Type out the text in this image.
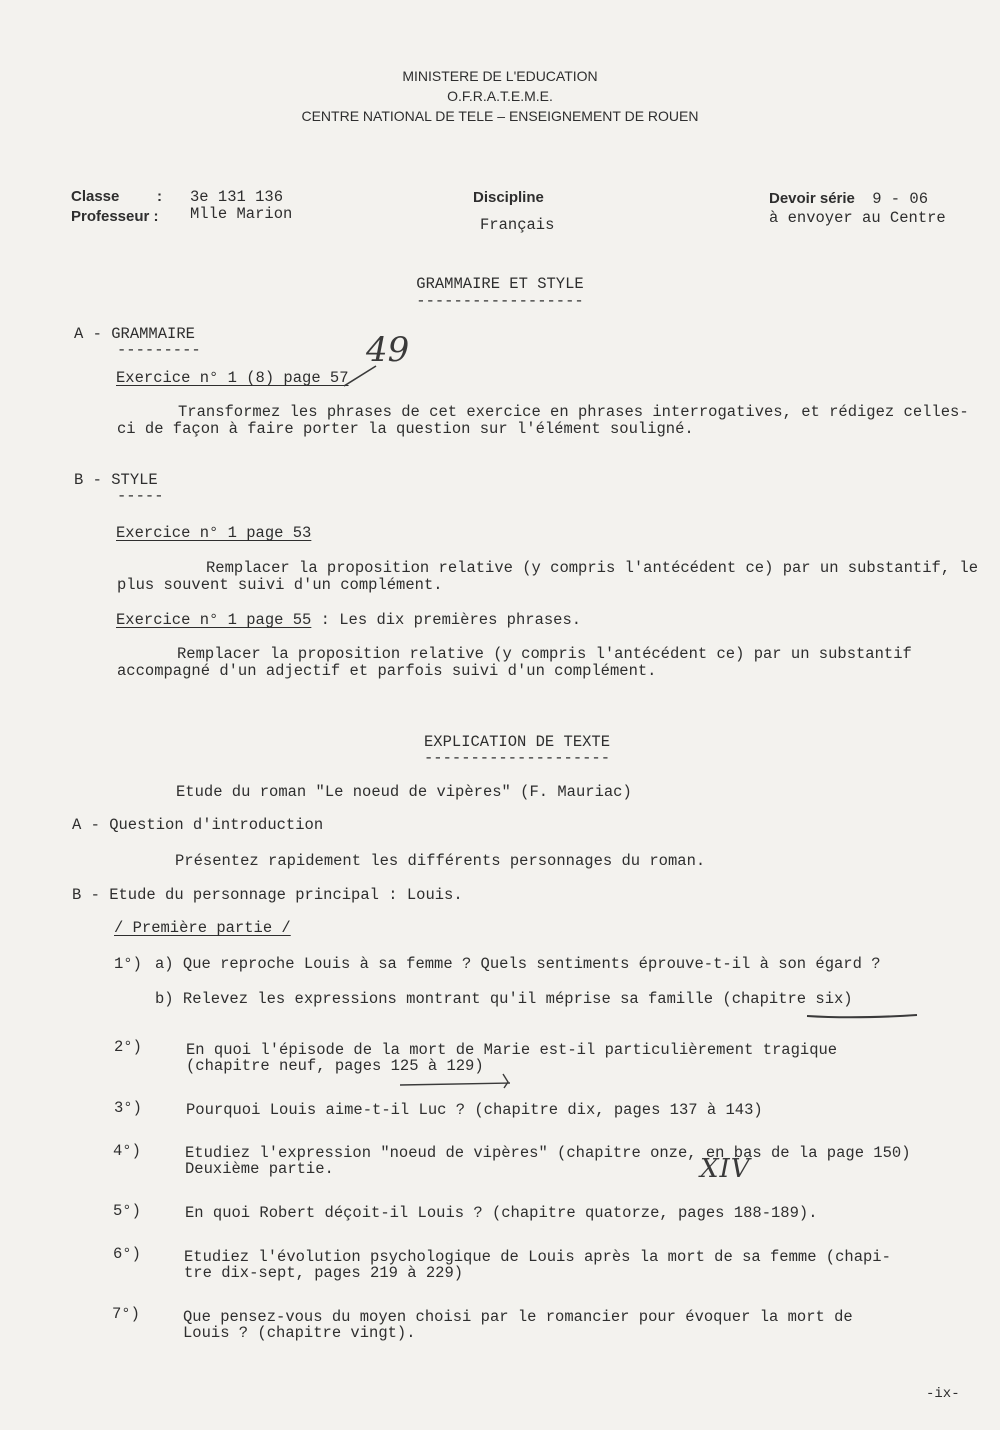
MINISTERE DE L'EDUCATION
O.F.R.A.T.E.M.E.
CENTRE NATIONAL DE TELE – ENSEIGNEMENT DE ROUEN
Classe	: 3e 131 136
Professeur : Mlle Marion
Discipline
Français
Devoir série 9 - 06
à envoyer au Centre
GRAMMAIRE ET STYLE
------------------
A - GRAMMAIRE
---------
Exercice n° 1 (8) page 57
49
Transformez les phrases de cet exercice en phrases interrogatives, et rédigez celles-ci de façon à faire porter la question sur l'élément souligné.
B - STYLE
-----
Exercice n° 1 page 53
Remplacer la proposition relative (y compris l'antécédent ce) par un substantif, le plus souvent suivi d'un complément.
Exercice n° 1 page 55 : Les dix premières phrases.
Remplacer la proposition relative (y compris l'antécédent ce) par un substantif accompagné d'un adjectif et parfois suivi d'un complément.
EXPLICATION DE TEXTE
--------------------
Etude du roman "Le noeud de vipères" (F. Mauriac)
A - Question d'introduction
Présentez rapidement les différents personnages du roman.
B - Etude du personnage principal : Louis.
/ Première partie /
1°) a) Que reproche Louis à sa femme ? Quels sentiments éprouve-t-il à son égard ?
b) Relevez les expressions montrant qu'il méprise sa famille (chapitre six)
2°)	En quoi l'épisode de la mort de Marie est-il particulièrement tragique
(chapitre neuf, pages 125 à 129)
3°)	Pourquoi Louis aime-t-il Luc ? (chapitre dix, pages 137 à 143)
4°)	Etudiez l'expression "noeud de vipères" (chapitre onze, en bas de la page 150)
Deuxième partie.	XIV
5°)	En quoi Robert déçoit-il Louis ? (chapitre quatorze, pages 188-189).
6°)	Etudiez l'évolution psychologique de Louis après la mort de sa femme (chapi-
tre dix-sept, pages 219 à 229)
7°)	Que pensez-vous du moyen choisi par le romancier pour évoquer la mort de
Louis ? (chapitre vingt).
-ix-
